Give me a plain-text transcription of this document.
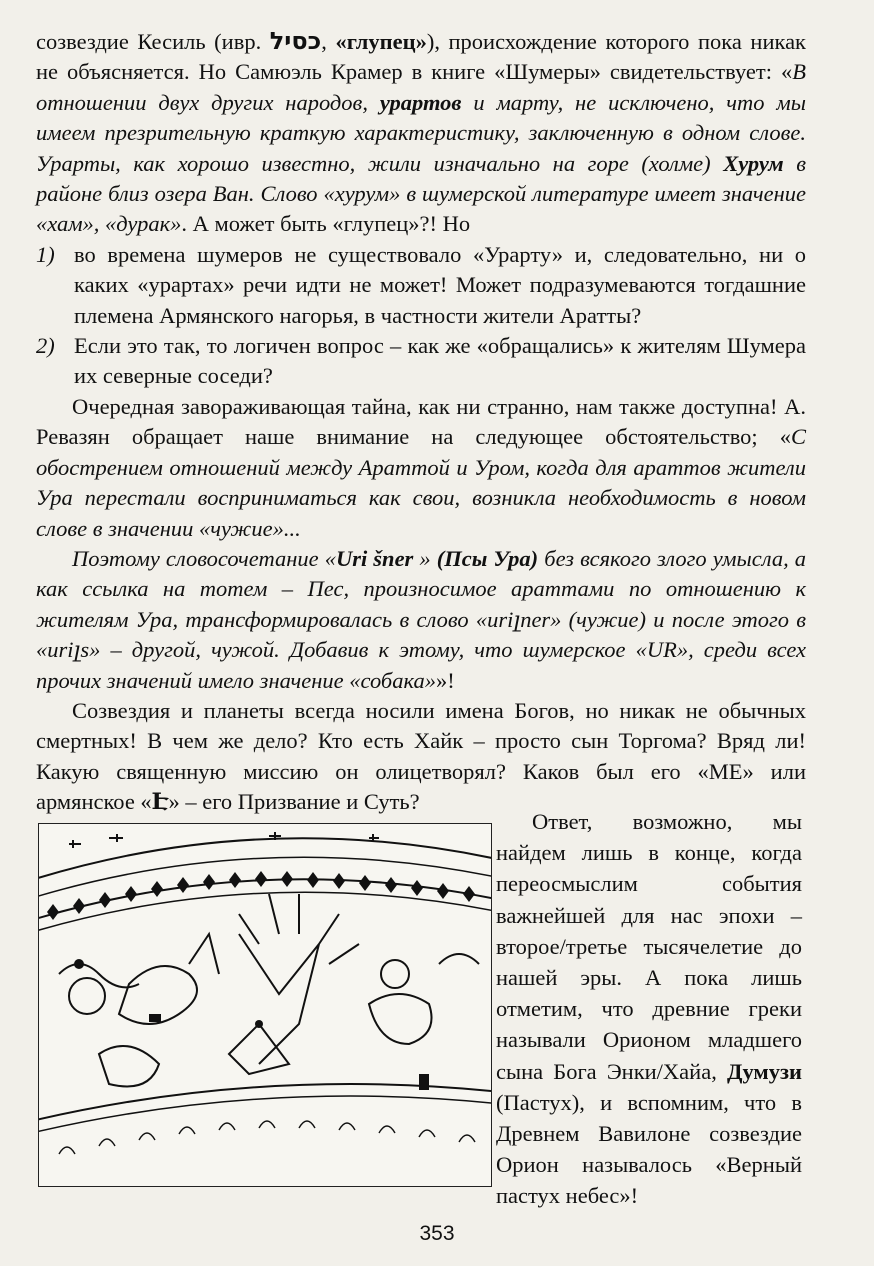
созвездие Кесиль (ивр. כסיל, «глупец»), происхождение которого пока никак не объясняется. Но Самюэль Крамер в книге «Шумеры» свидетельствует: «В отношении двух других народов, урартов и марту, не исключено, что мы имеем презрительную краткую характеристику, заключенную в одном слове. Урарты, как хорошо известно, жили изначально на горе (холме) Хурум в районе близ озера Ван. Слово «хурум» в шумерской литературе имеет значение «хам», «дурак». А может быть «глупец»?! Но

1) во времена шумеров не существовало «Урарту» и, следовательно, ни о каких «урартах» речи идти не может! Может подразумеваются тогдашние племена Армянского нагорья, в частности жители Аратты?
2) Если это так, то логичен вопрос – как же «обращались» к жителям Шумера их северные соседи?

Очередная завораживающая тайна, как ни странно, нам также доступна! А. Ревазян обращает наше внимание на следующее обстоятельство; «С обострением отношений между Араттой и Уром, когда для араттов жители Ура перестали восприниматься как свои, возникла необходимость в новом слове в значении «чужие»...

Поэтому словосочетание «Uri šner » (Псы Ура) без всякого злого умысла, а как ссылка на тотем – Пес, произносимое араттами по отношению к жителям Ура, трансформировалась в слово «uriլner» (чужие) и после этого в «uriլs» – другой, чужой. Добавив к этому, что шумерское «UR», среди всех прочих значений имело значение «собака»»!

Созвездия и планеты всегда носили имена Богов, но никак не обычных смертных! В чем же дело? Кто есть Хайк – просто сын Торгома? Вряд ли! Какую священную миссию он олицетворял? Каков был его «МЕ» или армянское «Է» – его Призвание и Суть?

Ответ, возможно, мы найдем лишь в конце, когда переосмыслим события важнейшей для нас эпохи – второе/третье тысячелетие до нашей эры. А пока лишь отметим, что древние греки называли Орионом младшего сына Бога Энки/Хайа, Думузи (Пастух), и вспомним, что в Древнем Вавилоне созвездие Орион называлось «Верный пастух небес»!

353
